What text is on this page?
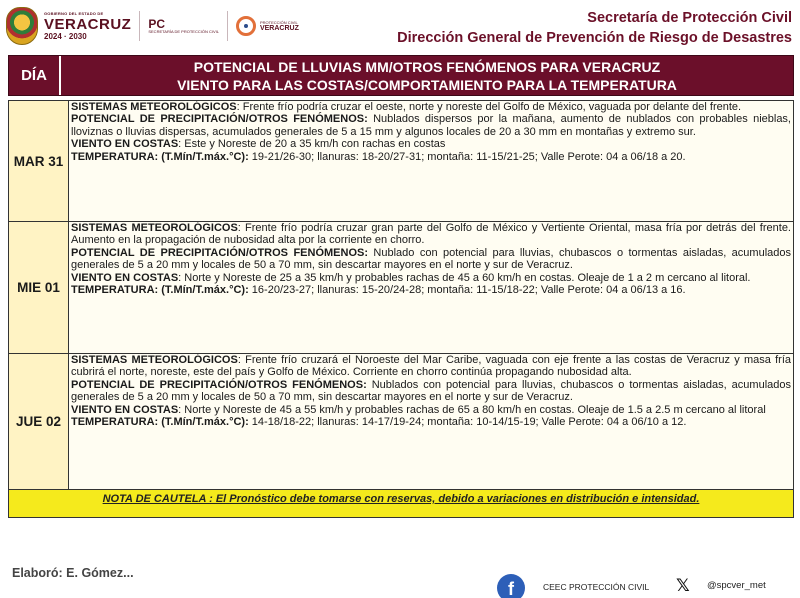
GOBIERNO DEL ESTADO DE
VERACRUZ
2024 · 2030
PC
SECRETARÍA DE PROTECCIÓN CIVIL
PROTECCIÓN CIVIL
VERACRUZ
Secretaría de Protección Civil
Dirección General de Prevención de Riesgo de Desastres
DÍA
POTENCIAL DE LLUVIAS MM/OTROS FENÓMENOS PARA VERACRUZ
VIENTO PARA LAS COSTAS/COMPORTAMIENTO PARA LA TEMPERATURA
MAR 31

SISTEMAS METEOROLÓGICOS: Frente frío podría cruzar el oeste, norte y noreste del Golfo de México, vaguada por delante del frente.

POTENCIAL DE PRECIPITACIÓN/OTROS FENÓMENOS: Nublados dispersos por la mañana, aumento de nublados con probables nieblas, lloviznas o lluvias dispersas, acumulados generales de 5 a 15 mm y algunos locales de 20 a 30 mm en montañas y extremo sur.

VIENTO EN COSTAS: Este y Noreste de 20 a 35 km/h con rachas en costas

TEMPERATURA: (T.Mín/T.máx.°C): 19-21/26-30; llanuras: 18-20/27-31; montaña: 11-15/21-25; Valle Perote: 04 a 06/18 a 20.

MIE 01

SISTEMAS METEOROLÓGICOS: Frente frío podría cruzar gran parte del Golfo de México y Vertiente Oriental, masa fría por detrás del frente. Aumento en la propagación de nubosidad alta por la corriente en chorro.

POTENCIAL DE PRECIPITACIÓN/OTROS FENÓMENOS: Nublado con potencial para lluvias, chubascos o tormentas aisladas, acumulados generales de 5 a 20 mm y locales de 50 a 70 mm, sin descartar mayores en el norte y sur de Veracruz.

VIENTO EN COSTAS: Norte y Noreste de 25 a 35 km/h y probables rachas de 45 a 60 km/h en costas. Oleaje de 1 a 2 m cercano al litoral.

TEMPERATURA: (T.Mín/T.máx.°C): 16-20/23-27; llanuras: 15-20/24-28; montaña: 11-15/18-22; Valle Perote: 04 a 06/13 a 16.

JUE 02

SISTEMAS METEOROLÓGICOS: Frente frío cruzará el Noroeste del Mar Caribe, vaguada con eje frente a las costas de Veracruz y masa fría cubrirá el norte, noreste, este del país y Golfo de México. Corriente en chorro continúa propagando nubosidad alta.

POTENCIAL DE PRECIPITACIÓN/OTROS FENÓMENOS: Nublados con potencial para lluvias, chubascos o tormentas aisladas, acumulados generales de 5 a 20 mm y locales de 50 a 70 mm, sin descartar mayores en el norte y sur de Veracruz.

VIENTO EN COSTAS: Norte y Noreste de 45 a 55 km/h y probables rachas de 65 a 80 km/h en costas. Oleaje de 1.5 a 2.5 m cercano al litoral

TEMPERATURA: (T.Mín/T.máx.°C): 14-18/18-22; llanuras: 14-17/19-24; montaña: 10-14/15-19; Valle Perote: 04 a 06/10 a 12.

NOTA DE CAUTELA : El Pronóstico debe tomarse con reservas, debido a variaciones en distribución e intensidad.
Elaboró: E. Gómez...
f	CEEC PROTECCIÓN CIVIL 𝕏 @spcver_met
